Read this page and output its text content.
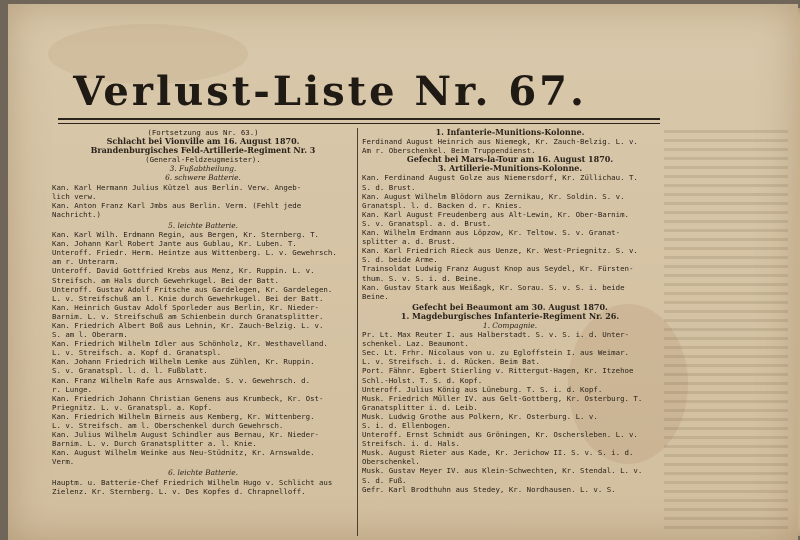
Verlust-Liste Nr. 67.
(Fortsetzung aus Nr. 63.)
Schlacht bei Vionville am 16. August 1870.
Brandenburgisches Feld-Artillerie-Regiment Nr. 3
(General-Feldzeugmeister).
3. Fußabtheilung.
6. schwere Batterie.
Kan. Karl Hermann Julius Kützel aus Berlin. Verw. Angeb-
lich verw.
Kan. Anton Franz Karl Jmbs aus Berlin. Verm. (Fehlt jede
Nachricht.)
5. leichte Batterie.
Kan. Karl Wilh. Erdmann Regin, aus Bergen, Kr. Sternberg. T.
Kan. Johann Karl Robert Jante aus Gublau, Kr. Luben. T.
Unteroff. Friedr. Herm. Heintze aus Wittenberg. L. v. Gewehrsch.
am r. Unterarm.
Unteroff. David Gottfried Krebs aus Menz, Kr. Ruppin. L. v.
Streifsch. am Hals durch Gewehrkugel. Bei der Batt.
Unteroff. Gustav Adolf Fritsche aus Gardelegen, Kr. Gardelegen.
L. v. Streifschuß am l. Knie durch Gewehrkugel. Bei der Batt.
Kan. Heinrich Gustav Adolf Sporleder aus Berlin, Kr. Nieder-
Barnim. L. v. Streifschuß am Schienbein durch Granatsplitter.
Kan. Friedrich Albert Boß aus Lehnin, Kr. Zauch-Belzig. L. v.
S. am l. Oberarm.
Kan. Friedrich Wilhelm Idler aus Schönholz, Kr. Westhavelland.
L. v. Streifsch. a. Kopf d. Granatspl.
Kan. Johann Friedrich Wilhelm Lemke aus Zühlen, Kr. Ruppin.
S. v. Granatspl. l. d. l. Fußblatt.
Kan. Franz Wilhelm Rafe aus Arnswalde. S. v. Gewehrsch. d.
r. Lunge.
Kan. Friedrich Johann Christian Genens aus Krumbeck, Kr. Ost-
Priegnitz. L. v. Granatspl. a. Kopf.
Kan. Friedrich Wilhelm Birneis aus Kemberg, Kr. Wittenberg.
L. v. Streifsch. am l. Oberschenkel durch Gewehrsch.
Kan. Julius Wilhelm August Schindler aus Bernau, Kr. Nieder-
Barnim. L. v. Durch Granatsplitter a. l. Knie.
Kan. August Wilhelm Weinke aus Neu-Stüdnitz, Kr. Arnswalde.
Verm.
6. leichte Batterie.
Hauptm. u. Batterie-Chef Friedrich Wilhelm Hugo v. Schlicht aus
Zielenz. Kr. Sternberg. L. v. Des Kopfes d. Chrapnelloff.
1. Infanterie-Munitions-Kolonne.
Ferdinand August Heinrich aus Niemegk, Kr. Zauch-Belzig. L. v.
Am r. Oberschenkel. Beim Truppendienst.
Gefecht bei Mars-la-Tour am 16. August 1870.
3. Artillerie-Munitions-Kolonne.
Kan. Ferdinand August Golze aus Niemersdorf, Kr. Züllichau. T.
S. d. Brust.
Kan. August Wilhelm Blödorn aus Zernikau, Kr. Soldin. S. v.
Granatspl. l. d. Backen d. r. Knies.
Kan. Karl August Freudenberg aus Alt-Lewin, Kr. Ober-Barnim.
S. v. Granatspl. a. d. Brust.
Kan. Wilhelm Erdmann aus Löpzow, Kr. Teltow. S. v. Granat-
splitter a. d. Brust.
Kan. Karl Friedrich Rieck aus Uenze, Kr. West-Priegnitz. S. v.
S. d. beide Arme.
Trainsoldat Ludwig Franz August Knop aus Seydel, Kr. Fürsten-
thum. S. v. S. i. d. Beine.
Kan. Gustav Stark aus Weißagk, Kr. Sorau. S. v. S. i. beide
Beine.
Gefecht bei Beaumont am 30. August 1870.
1. Magdeburgisches Infanterie-Regiment Nr. 26.
1. Compagnie.
Pr. Lt. Max Reuter I. aus Halberstadt. S. v. S. i. d. Unter-
schenkel. Laz. Beaumont.
Sec. Lt. Frhr. Nicolaus von u. zu Egloffstein I. aus Weimar.
L. v. Streifsch. i. d. Rücken. Beim Bat.
Port. Fähnr. Egbert Stierling v. Rittergut-Hagen, Kr. Itzehoe
Schl.-Holst. T. S. d. Kopf.
Unteroff. Julius König aus Lüneburg. T. S. i. d. Kopf.
Musk. Friedrich Müller IV. aus Gelt-Gottberg, Kr. Osterburg. T.
Granatsplitter i. d. Leib.
Musk. Ludwig Grothe aus Polkern, Kr. Osterburg. L. v.
S. i. d. Ellenbogen.
Unteroff. Ernst Schmidt aus Gröningen, Kr. Oschersleben. L. v.
Streifsch. i. d. Hals.
Musk. August Rieter aus Kade, Kr. Jerichow II. S. v. S. i. d.
Oberschenkel.
Musk. Gustav Meyer IV. aus Klein-Schwechten, Kr. Stendal. L. v.
S. d. Fuß.
Gefr. Karl Brodthuhn aus Stedey, Kr. Nordhausen. L. v. S.
